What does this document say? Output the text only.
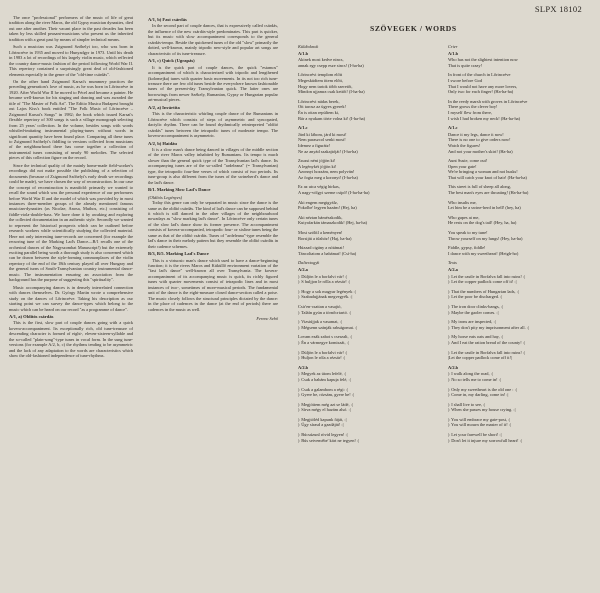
SLPX 18102

The once "professional" performers of the music of life of great tradition along the river Maros, the old Gypsy musician dynasties, died out one after another. Their vacant place in the past decades has been taken by less skilled peasant-musicians who present us the inherited tradition with a great past by means of simpler technical means.

Such a musician was Zsigmond Szóhelyi too, who was born in Lőrincréve in 1935 and moved to Hunyadgyr in 1973. Until his death in 1983 a lot of recordings of his largely violin music, which reflected the country dance-music fashion of the period following World War II. This repertory contained a surprisingly great deal of old-fashioned elements especially in the genre of the "old-time csárdás".

On the other hand Zsigmond Karsai's mummery practices the preceding generation's love of music, as he was born in Lőrincréve in 1920. After World War II he moved to Pécel and became a painter. He became well-known for his singing and dancing and was awarded the title of "The Master of Folk Art". The Editio Musica Budapest brought out Lajos Kiss's book entitled "The Folk Music of Lőrincréve – Zsigmond Karsai's Songs" in 1982; the book which issued Karsai's flexible repertory of 300 songs is such a village monograph selecting from 25 years' collection. In the volume, besides songs with words whistled-imitating instrumental playing-tunes without words in significant quantity have been found place. Comparing all these tunes to Zsigmond Szóhelyi's fiddling to versions collected from musicians of the neighbourhood there has come together a collection of instrumental tunes consisting of nearly 90 melodies. The selected pieces of this collection figure on the record.

Since the technical quality of the mainly home-made field-worker's recordings did not make possible the publishing of a selection of documents (because of Zsigmond Szóhelyi's early death we recordings could be made), we have chosen the way of reconstruction. In our case the concept of reconstruction is manifold: primarily we wanted to recall the sound which was the personal experience of our performers before World War II and the model of which was provided by in most instances three-member groups of the already mentioned famous musician-dynasties (as Nicolae, Anosa, Muthos, etc.) consisting of fiddle-viola-double-bass. We have done it by awaking and exploring the collected documentation in an authentic style. Secondly we wanted to represent the historical prospects which can be outlined before research workers while scientifically studying the collected material. Here not only interesting tune-records are concerned (for example the recurring tune of the Marking Lad's Dance—B/1 recalls one of the orchestral dances of the Nagyszombat Manuscript!) but the extremely exciting parallel being worth a thorough study is also concerned which can be drawn between the style-forming commonplaces of the violin repertory of the end of the 18th century played all over Hungary and the general turns of South-Transylvanian country instrumental dance-music. The instrumentation ensuring an association from the background has the purpose of suggesting this "spirituality".

Music accompanying dances is in densely interrelated connection with dances themselves. Dr. György Martin wrote a comprehensive study on the dances of Lőrincréve. Taking his description as our starting point we can survey the dance-types which belong to the music which can be heard on our record "as a programme of dance".

A/1, a) Oldítós csárdás

This is the first, slow part of couple dances going with a quick kovera-accompaniment. Its exceptionally rich, old tune-treasure of descending character is formed of eight-, eleven-sixteen-syllable and the so-called "plain-song"-type tunes in vocal form. In the sung tune-versions (for example A/2, b, c) the rhythms tending to be asymmetric and the lack of any adaptation to the words are characteristics which show the old-fashioned independence of tune-rhythms.

A/1, b) Fast csárdás

In the second part of couple dances, that is expressively called csárdás, the influence of the new csárdás-style predominates. This part is quicker, but its music with slow accompaniment corresponds to the general csárdás-tempo. Beside the quickened tunes of the old "slow" primarily the dotted, well-known, mainly tripodic new-style and popular art songs are characteristic of its tune-treasure.

A/1, c) Quick (Ugrapás)

It is the quick part of couple dances, the quick "estamos" accompaniment of which is characterized with tripodic and lengthened (kolomejka) tunes with quarter basic movements. In its not too rich tune-treasure there are few old tunes beside the everywhere known fashionable tunes of the present-day Transylvanian quick. The latter ones are borrowings from newer Székely, Rumanian, Gypsy or Hungarian popular art-musical pieces.

A/2, a) Invártita

This is the characteristic whirling couple dance of the Rumanians in Lőrincréve which consists of steps of asymmetric and syncopated, dactylic rhythm. There can be found rhythmically reinterpreted "oldító csárdás" tunes between the tetrapodic tunes of moderate tempo. The kovera-accompaniment is asymmetric.

A/2, b) Haidău

It is a slow man's dance being danced in villages of the middle section of the river Maros valley inhabited by Rumanians. Its tempo is much slower than the general quick type of the Transylvanian lad's dance. Its accompanying tunes are of the so-called "ardeleana" (= Transylvanian) type, the tetrapodic four-line verses of which consist of two periods. Its tune-group is also different from the tunes of the swineherd's dance and the lad's dance.

B/1. Marking Slow Lad's Dance
(Oldítós Legényes)

Today this genre can only be separated in music since the dance is the same as the oldító csárdás. The kind of lad's dance can be supposed behind it which is still danced in the other villages of the neighbourhood nowadays as "slow marking lad's dance". In Lőrincréve only certain tunes of the slow lad's dance show its former presence. The accompaniment consists of kovera-accompanied, tetrapodic four- or sixline tunes being the same as that of the oldító csárdás. Tunes of "ardeleana"-type resemble the lad's dance in their melody pattern but they resemble the oldító csárdás in their cadence schemes.

B/3, B/5. Marking Lad's Dance

This is a virtuosic man's dance which used to have a dance-beginning function; it is the rivers Maros and Küküllő environment variation of the "fast lad's dance" well-known all over Transylvania. The kovera-accompaniment of its accompanying music is quick, its richly figured tunes with quarter movements consist of tetrapodic lines and in most instances of two-, sometimes of more-musical periods. The fundamental unit of the dance is the eight-measure closed dance-section called a poise. The music closely follows the structural principles dictated by the dance: in the place of cadences in the dance (at the end of periods) there are cadences in the music as well.

Ferenc Sebő
SZÖVEGEK / WORDS
Küldtoknok
A/1.b
Akinek most kedve nincs,
annak egy csepp esze sincs! (I-ha-ha)
Lőrincrévi templom előtt
Megesküdtem ittem előtt,
Hogy nem tartok több szeretőt,
Mindon ujjamra csak kettőt! (I-ha-ha)
Lőrincrévi nádas berek,
Ott tarosz az ügyes gyerek!
Én is ottan repültem ki,
Bár a nyakam törte volna ki! (I-ha-ha)
A/1.c
Járd ki lábom, járd ki most!
Nem paraszcol senki most!
Idemez a figurátz!
Ne az anyád szakajtóját! (I-ha-ha)
Zsuzsi néni jöjjön ki!
A legénykét jöjjön ki!
Azonnyi hozzám, nem polyván!
Az fogta meg a koronyt! (I-ha-ha)
Ez az utca végig hirkas,
A nagy-völgyi szeme csípő! (I-ha-ha-ha)
Aki engem megigyálz,
Pokolbe' legyen hazám! (Hej, ha)
Aki néztan bámészkodik,
Kutyafarkán támaszkodik! (Hej, ha-ha)
Most szólítl a keményen!
Borsiját a tűzhöz! (Haj, ha-ha)
Húzzad cigány a nótámat!
Táncoltatom a babámat! (Csí-ha)
Daltextogyk
A/2.a
|: Düljön le a borfalvi vár! :|
|: S huljjon le rólla a rézsár! :|
|: Hogy a sok magyar legények :|
|: Szabadujjának megvegyék. :|
Csir'en-csattan a vasajtó,
|: Taláín gyün a törnőcrtartó. :|
|: Vizsiújjak a vasamat, :|
|: Mégsenn szánják rabságomat. :|
Lovam ezák zabot s cserzalt, :|
|: Én a vármegye komiszát, :|
|: Düljön le a borfalvi vár! :|
|: Huljon le róla a rézsár! :|
A/2.b
|: Megyek az útom lefelé, :|
|: Csak a babám kapuja felé, :|
|: Csak a galambom a régi: :|
|: Gyere be, rózsám, gyere be! :|
|: Megjöttem még azt se ládé, :|
|: Sírva mégy el hazám alsó. :|
|: Megjtöléd kapunk fáját, :|
|: Úgy sírasd a gazdáját! :|
|: Búcsúzunl rövid legyen! :|
|: Bús seivemébe' kárt ne tegyen! :|
Crier
A/1.b
Who has not the slightest intention now
That is quite crazy!
In front of the church in Lőrincréve
I swore before God
That I would not have any more lovers,
Only two for each finger! (Ha-ha-ha)
In the reedy marsh with groves in Lőrincréve
There grows the clever boy!
I myself flew from there,
I wish I had broken my neck! (Ha-ha-ha)
A/1.c
Dance it my legs, dance it now!
There is no one to give orders now!
Watch the figures!
And not your mother's skirt! (Ha-ha)
Aunt Susie, come out!
Open your gate!
We're bringing a woman and not husks!
That will catch your knot of hair! (Ha-ha-ha)
This street is full of sheep all along,
The best man's eyes are throating! (Ha-ha-ha)
Who insults me,
Let him be a swine-herd in hell! (hey, ha)
Who gapes at me,
He rests on the dog's tail! (Hey, ha, ha)
You speak to my tune!
Throw yourself on my lungs! (Hey, ha-ha)
Fiddle, gypsy, fiddle!
I dance with my sweetheart! (Heigh-ho)
Texts
A/2.a
|: Let the castle in Borfalva fall into ruins! :|
|: Let the copper padlock come off it! :|
|: That the numbers of Hungarian lads, :|
|: Let the poor be discharged. :|
|: The iron door clinks-bangs, :|
|: Maybe the gaoler comes. :|
|: My irons are inspected, :|
|: They don't pity my imprisonment after all. :|
|: My horse eats oats and hay, :|
|: And I eat the ration bread of the county! :|
|: Let the castle in Borfalva fall into ruins! :|
|Let the copper padlock come off it!|
A/2.b
|: I walk along the road, :|
|: No so tells me to come in! :|
|: Only my sweetheart is the old one : :|
|: Come in, my darling, come in! :|
|: I shall live to see, :|
|: When she passes my house crying. :|
|: You will embrace my gate-post, :|
|: You will mourn the master of it! :|
|: Let your farewell be short! :|
|: Don't let it injure my sorrowfull heart! :|
